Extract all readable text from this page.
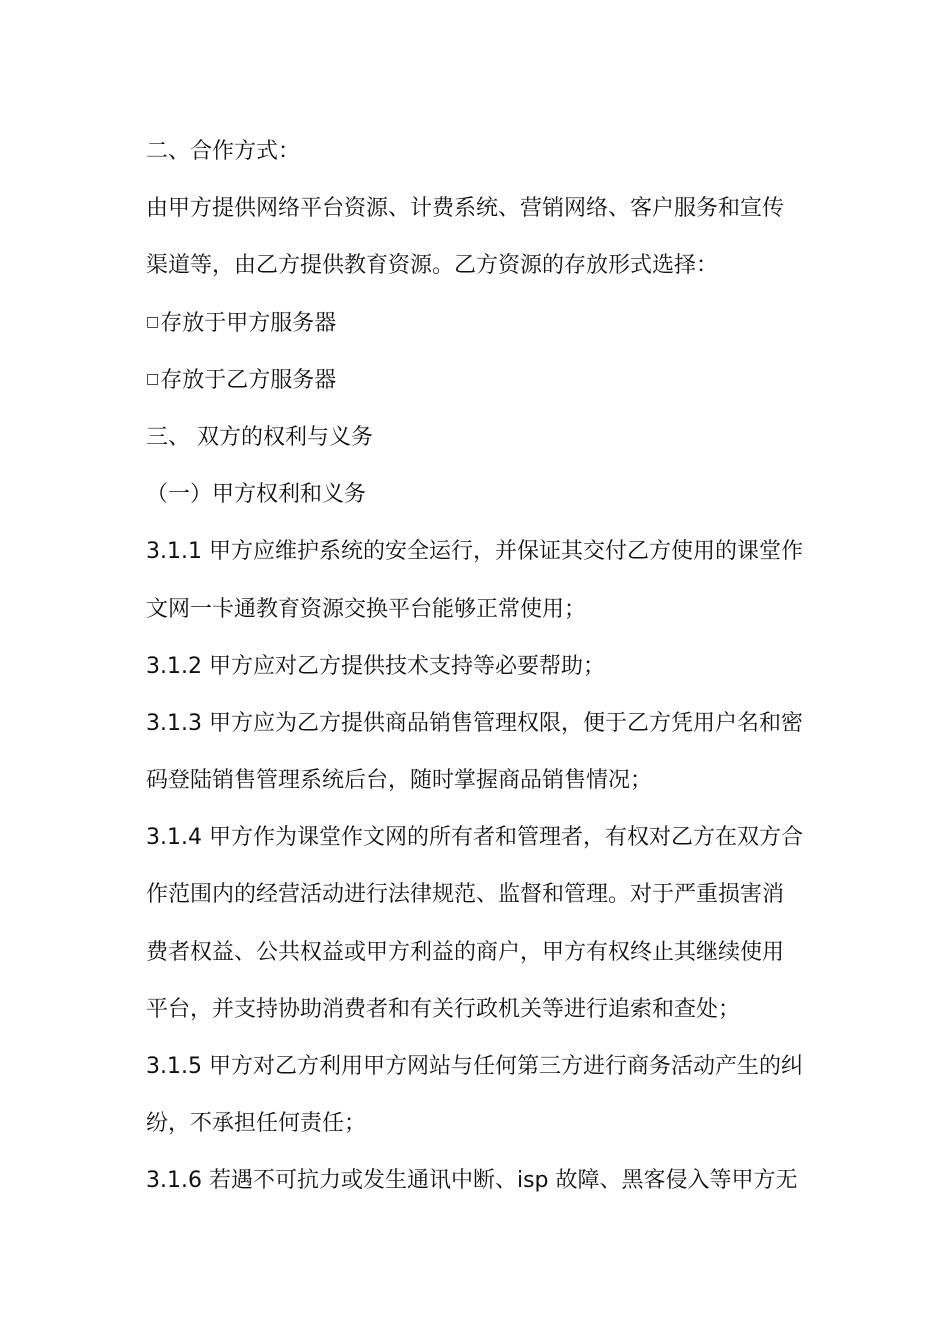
二、合作方式：
由甲方提供网络平台资源、计费系统、营销网络、客户服务和宣传
渠道等，由乙方提供教育资源。乙方资源的存放形式选择：
□存放于甲方服务器
□存放于乙方服务器
三、 双方的权利与义务
（一）甲方权利和义务
3.1.1 甲方应维护系统的安全运行，并保证其交付乙方使用的课堂作
文网一卡通教育资源交换平台能够正常使用；
3.1.2 甲方应对乙方提供技术支持等必要帮助；
3.1.3 甲方应为乙方提供商品销售管理权限，便于乙方凭用户名和密
码登陆销售管理系统后台，随时掌握商品销售情况；
3.1.4 甲方作为课堂作文网的所有者和管理者，有权对乙方在双方合
作范围内的经营活动进行法律规范、监督和管理。对于严重损害消
费者权益、公共权益或甲方利益的商户，甲方有权终止其继续使用
平台，并支持协助消费者和有关行政机关等进行追索和查处；
3.1.5 甲方对乙方利用甲方网站与任何第三方进行商务活动产生的纠
纷，不承担任何责任；
3.1.6 若遇不可抗力或发生通讯中断、isp 故障、黑客侵入等甲方无
